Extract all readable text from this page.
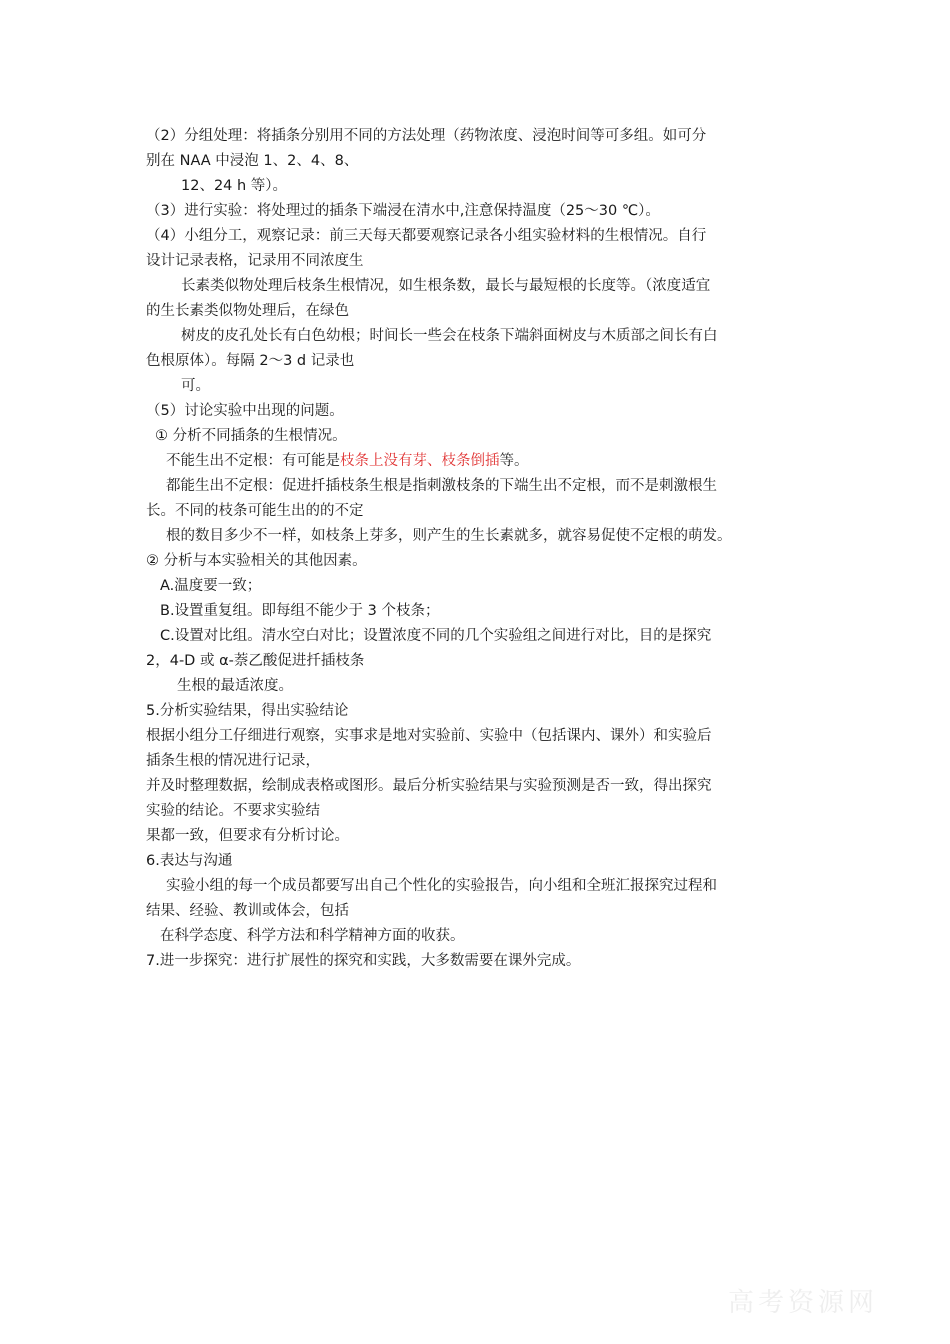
（2）分组处理：将插条分别用不同的方法处理（药物浓度、浸泡时间等可多组。如可分
别在 NAA 中浸泡 1、2、4、8、
12、24 h 等）。
（3）进行实验：将处理过的插条下端浸在清水中,注意保持温度（25～30 ℃）。
（4）小组分工，观察记录：前三天每天都要观察记录各小组实验材料的生根情况。自行
设计记录表格，记录用不同浓度生
长素类似物处理后枝条生根情况，如生根条数，最长与最短根的长度等。（浓度适宜
的生长素类似物处理后，在绿色
树皮的皮孔处长有白色幼根；时间长一些会在枝条下端斜面树皮与木质部之间长有白
色根原体）。每隔 2～3 d 记录也
可。
（5）讨论实验中出现的问题。
① 分析不同插条的生根情况。
不能生出不定根：有可能是枝条上没有芽、枝条倒插等。
都能生出不定根：促进扦插枝条生根是指刺激枝条的下端生出不定根，而不是刺激根生
长。不同的枝条可能生出的的不定
根的数目多少不一样，如枝条上芽多，则产生的生长素就多，就容易促使不定根的萌发。
② 分析与本实验相关的其他因素。
A.温度要一致；
B.设置重复组。即每组不能少于 3 个枝条；
C.设置对比组。清水空白对比；设置浓度不同的几个实验组之间进行对比，目的是探究
2，4-D 或 α-萘乙酸促进扦插枝条
生根的最适浓度。
5.分析实验结果，得出实验结论
根据小组分工仔细进行观察，实事求是地对实验前、实验中（包括课内、课外）和实验后
插条生根的情况进行记录，
并及时整理数据，绘制成表格或图形。最后分析实验结果与实验预测是否一致，得出探究
实验的结论。不要求实验结
果都一致，但要求有分析讨论。
6.表达与沟通
实验小组的每一个成员都要写出自己个性化的实验报告，向小组和全班汇报探究过程和
结果、经验、教训或体会，包括
在科学态度、科学方法和科学精神方面的收获。
7.进一步探究：进行扩展性的探究和实践，大多数需要在课外完成。
高考资源网
